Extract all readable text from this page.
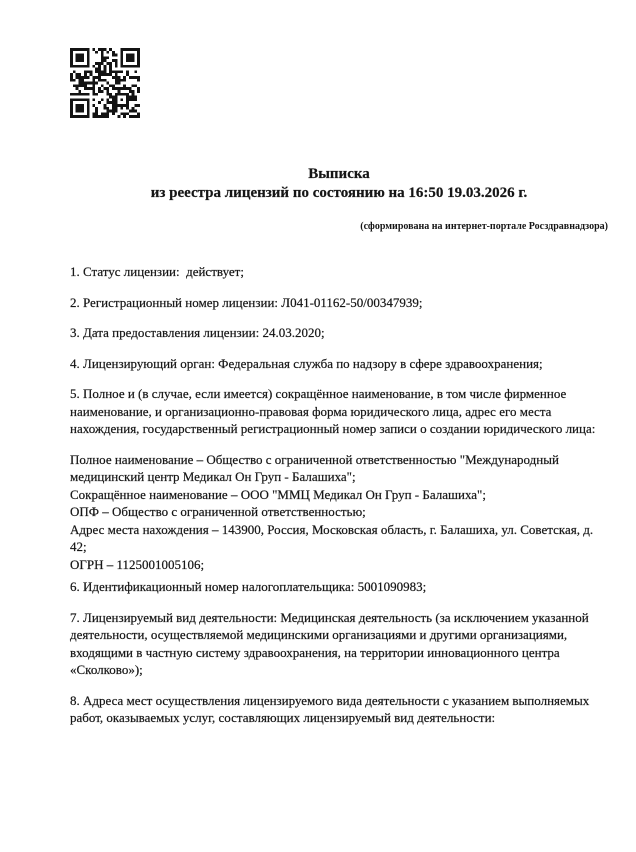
Выписка
из реестра лицензий по состоянию на 16:50 19.03.2026 г.
(сформирована на интернет-портале Росздравнадзора)
1. Статус лицензии:  действует;
2. Регистрационный номер лицензии: Л041-01162-50/00347939;
3. Дата предоставления лицензии: 24.03.2020;
4. Лицензирующий орган: Федеральная служба по надзору в сфере здравоохранения;
5. Полное и (в случае, если имеется) сокращённое наименование, в том числе фирменное
наименование, и организационно-правовая форма юридического лица, адрес его места
нахождения, государственный регистрационный номер записи о создании юридического лица:
Полное наименование – Общество с ограниченной ответственностью "Международный
медицинский центр Медикал Он Груп - Балашиха";
Сокращённое наименование – ООО "ММЦ Медикал Он Груп - Балашиха";
ОПФ – Общество с ограниченной ответственностью;
Адрес места нахождения – 143900, Россия, Московская область, г. Балашиха, ул. Советская, д.
42;
ОГРН – 1125001005106;
6. Идентификационный номер налогоплательщика: 5001090983;
7. Лицензируемый вид деятельности: Медицинская деятельность (за исключением указанной
деятельности, осуществляемой медицинскими организациями и другими организациями,
входящими в частную систему здравоохранения, на территории инновационного центра
«Сколково»);
8. Адреса мест осуществления лицензируемого вида деятельности с указанием выполняемых
работ, оказываемых услуг, составляющих лицензируемый вид деятельности:
